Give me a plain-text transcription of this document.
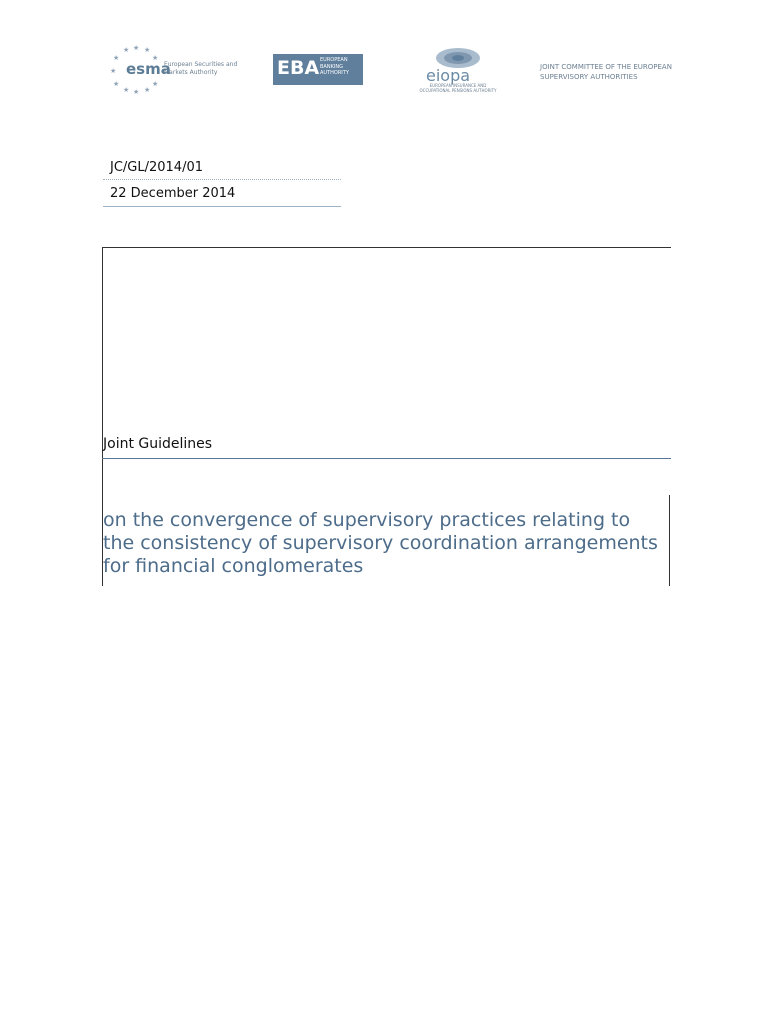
★ ★ ★
★	★
★
★	★
★ ★ ★
esma
European Securities and Markets Authority	EBA EUROPEAN BANKING AUTHORITY	eiopa
EUROPEAN INSURANCE AND OCCUPATIONAL PENSIONS AUTHORITY
JOINT COMMITTEE OF THE EUROPEAN SUPERVISORY AUTHORITIES
JC/GL/2014/01
22 December 2014
Joint Guidelines
on the convergence of supervisory practices relating to the consistency of supervisory coordination arrangements for financial conglomerates
